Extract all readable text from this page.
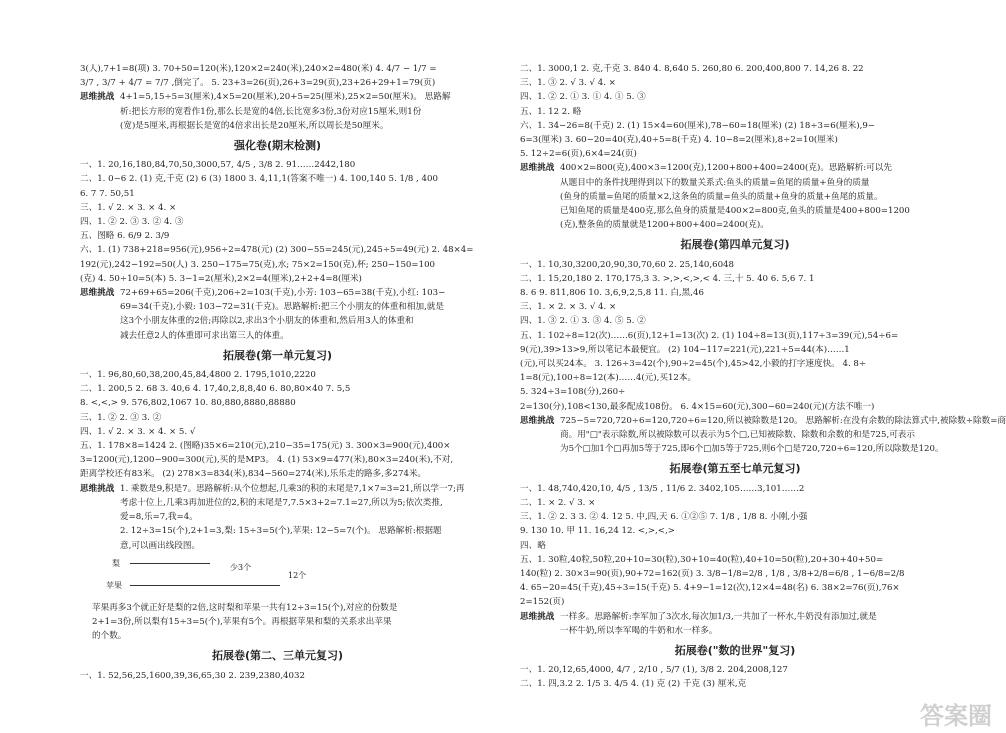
3(人),7+1=8(项) 3. 70+50=120(米),120×2=240(米),240×2=480(米) 4. 4/7 − 1/7 =
3/7 , 3/7 + 4/7 = 7/7 ,倒完了。 5. 23+3=26(页),26+3=29(页),23+26+29+1=79(页)
思维挑战 4+1=5,15÷5=3(厘米),4×5=20(厘米),20+5=25(厘米),25×2=50(厘米)。 思路解
析:把长方形的宽看作1份,那么长是宽的4倍,长比宽多3份,3份对应15厘米,则1份
(宽)是5厘米,再根据长是宽的4倍求出长是20厘米,所以周长是50厘米。
强化卷(期末检测)
一、1. 20,16,180,84,70,50,3000,57, 4/5 , 3/8 2. 91……2442,180
二、1. 0~6 2. (1) 克,千克 (2) 6 (3) 1800 3. 4,11,1(答案不唯一) 4. 100,140 5. 1/8 , 400
6. 7 7. 50,51
三、1. √ 2. × 3. × 4. ×
四、1. ② 2. ③ 3. ② 4. ③
五、图略 6. 6/9 2. 3/9
六、1. (1) 738+218=956(元),956÷2=478(元) (2) 300−55=245(元),245÷5=49(元) 2. 48×4=
192(元),242−192=50(人) 3. 250−175=75(克),水; 75×2=150(克),杯; 250−150=100
(克) 4. 50÷10=5(本) 5. 3−1=2(厘米),2×2=4(厘米),2+2+4=8(厘米)
思维挑战 72+69+65=206(千克),206÷2=103(千克),小芳: 103−65=38(千克),小红: 103−
69=34(千克),小毅: 103−72=31(千克)。思路解析:把三个小朋友的体重和相加,就是
这3个小朋友体重的2倍;再除以2,求出3个小朋友的体重和,然后用3人的体重和
减去任意2人的体重即可求出第三人的体重。
拓展卷(第一单元复习)
一、1. 96,80,60,38,200,45,84,4800 2. 1795,1010,2220
二、1. 200,5 2. 68 3. 40,6 4. 17,40,2,8,8,40 6. 80,80×40 7. 5,5
8. <,<,> 9. 576,802,1067 10. 80,880,8880,88880
三、1. ② 2. ③ 3. ②
四、1. √ 2. × 3. × 4. × 5. √
五、1. 178×8=1424 2. (图略)35×6=210(元),210−35=175(元) 3. 300×3=900(元),400×
3=1200(元),1200−900=300(元),买的是MP3。 4. (1) 53×9=477(米),80×3=240(米),不对,
距离学校还有83米。 (2) 278×3=834(米),834−560=274(米),乐乐走的路多,多274米。
思维挑战 1. 乘数是9,积是7。思路解析:从个位想起,几乘3的积的末尾是7,1×7=3=21,所以学一7;再
考虑十位上,几乘3再加进位的2,积的末尾是7,7.5×3+2=7.1=27,所以为5;依次类推,
爱=8,乐=7,我=4。
2. 12÷3=15(个),2+1=3,梨: 15÷3=5(个),苹果: 12−5=7(个)。 思路解析:根据题
意,可以画出线段图。
梨	少3个
苹果
12个
苹果再多3个就正好是梨的2倍,这时梨和苹果一共有12÷3=15(个),对应的份数是
2+1=3份,所以梨有15÷3=5(个),苹果有5个。再根据苹果和梨的关系求出苹果
的个数。
拓展卷(第二、三单元复习)
一、1. 52,56,25,1600,39,36,65,30 2. 239,2380,4032
二、1. 3000,1 2. 克,千克 3. 840 4. 8,640 5. 260,80 6. 200,400,800 7. 14,26 8. 22
三、1. ③ 2. √ 3. √ 4. ×
四、1. ② 2. ① 3. ① 4. ① 5. ③
五、1. 12 2. 略
六、1. 34−26=8(千克) 2. (1) 15×4=60(厘米),78−60=18(厘米) (2) 18÷3=6(厘米),9−
6=3(厘米) 3. 60−20=40(克),40÷5=8(千克) 4. 10−8=2(厘米),8÷2=10(厘米)
5. 12÷2=6(页),6×4=24(页)
思维挑战 400×2=800(克),400×3=1200(克),1200+800+400=2400(克)。思路解析:可以先
从题目中的条件找理得到以下的数量关系式:鱼头的质量=鱼尾的质量+鱼身的质量
(鱼身的质量=鱼尾的质量×2,这条鱼的质量=鱼头的质量+鱼身的质量+鱼尾的质量。
已知鱼尾的质量是400克,那么鱼身的质量是400×2=800克,鱼头的质量是400+800=1200
(克),整条鱼的质量就是1200+800+400=2400(克)。
拓展卷(第四单元复习)
一、1. 10,30,3200,20,90,30,70,60 2. 25,140,6048
二、1. 15,20,180 2. 170,175,3 3. >,>,<,>,< 4. 三,十 5. 40 6. 5,6 7. 1
8. 6 9. 811,806 10. 3,6,9,2,5,8 11. 白,黑,46
三、1. × 2. × 3. √ 4. ×
四、1. ③ 2. ① 3. ③ 4. ⑤ 5. ②
五、1. 102÷8=12(次)……6(页),12+1=13(次) 2. (1) 104÷8=13(页),117÷3=39(元),54÷6=
9(元),39>13>9,所以笔记本最便宜。 (2) 104−117=221(元),221÷5=44(本)……1
(元),可以买24本。 3. 126÷3=42(个),90÷2=45(个),45>42,小毅的打字速度快。 4. 8÷
1=8(元),100÷8=12(本)……4(元),买12本。
5. 324÷3=108(分),260÷
2=130(分),108<130,最多配成108份。 6. 4×15=60(元),300−60=240(元)(方法不唯一)
思维挑战 725−5=720,720÷6=120,720÷6=120,所以被除数是120。 思路解析:在没有余数的除法算式中,被除数÷除数=商
商。用"□"表示除数,所以被除数可以表示为5个□,已知被除数、除数和余数的和是725,可表示
为5个□加1个□再加5等于725,即6个□加5等于725,则6个□是720,720÷6=120,所以除数是120。
拓展卷(第五至七单元复习)
一、1. 48,740,420,10, 4/5 , 13/5 , 11/6 2. 3402,105……3,101……2
二、1. × 2. √ 3. ×
三、1. ② 2. 3 3. ② 4. 12 5. 中,四,天 6. ①②⑤ 7. 1/8 , 1/8 8. 小刚,小强
9. 130 10. 甲 11. 16,24 12. <,>,<,>
四、略
五、1. 30粒,40粒,50粒,20+10=30(粒),30+10=40(粒),40+10=50(粒),20+30+40+50=
140(粒) 2. 30×3=90(页),90+72=162(页) 3. 3/8−1/8=2/8 , 1/8 , 3/8+2/8=6/8 , 1−6/8=2/8
4. 65−20=45(千克),45÷3=15(千克) 5. 4+9−1=12(次),12×4=48(名) 6. 38×2=76(页),76×
2=152(页)
思维挑战 一样多。思路解析:李军加了3次水,每次加1/3,一共加了一杯水,牛奶没有添加过,就是
一杯牛奶,所以李军喝的牛奶和水一样多。
拓展卷("数的世界"复习)
一、1. 20,12,65,4000, 4/7 , 2/10 , 5/7 (1), 3/8 2. 204,2008,127
二、1. 四,3.2 2. 1/5 3. 4/5 4. (1) 克 (2) 千克 (3) 厘米,克
答案圈
